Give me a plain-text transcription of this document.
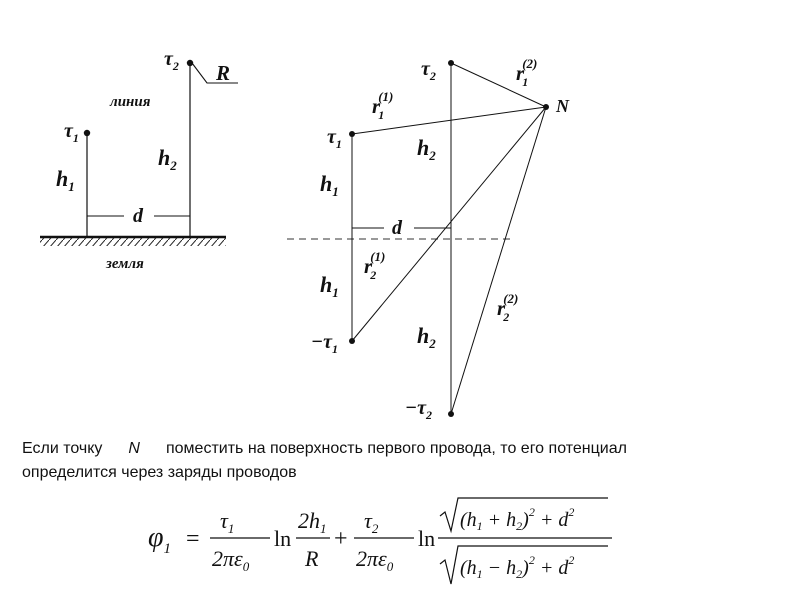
$\tau_1$
$\tau_2$ R
линия
$h_1$
$h_2$
d
земля
$\tau_2$
$\tau_1$
$-\tau_1$
$-\tau_2$
N
r1(1)
r1(2)
r2(1)
r2(2)
$h_1$
$h_1$
$h_2$
$h_2$
d
Если точку N поместить на поверхность первого провода, то его потенциал
определится через заряды проводов
$\varphi_1$ =
$\tau_1$
$2\pi\varepsilon_0$
ln
$2h_1$
R
+
$\tau_2$
$2\pi\varepsilon_0$
ln
$(h_1 + h_2)^2 + d^2$
$(h_1 - h_2)^2 + d^2$
